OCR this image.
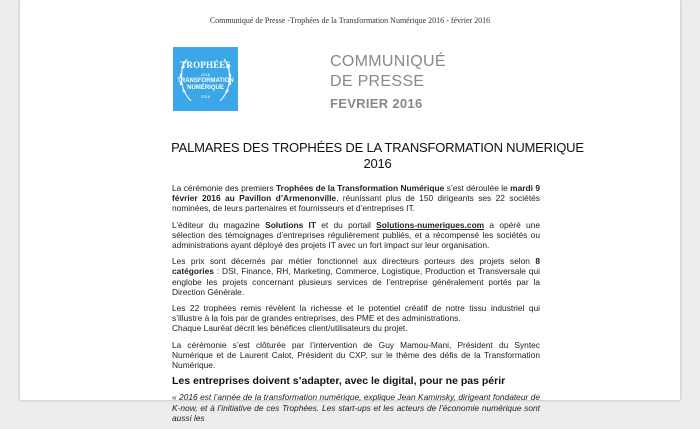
Communiqué de Presse -Trophées de la Transformation Numérique 2016 - février 2016
TROPHÉES
2016
TRANSFORMATION
NUMÉRIQUE
2016
COMMUNIQUÉ
DE PRESSE
FEVRIER 2016
PALMARES DES TROPHÉES DE LA TRANSFORMATION NUMERIQUE 2016

La cérémonie des premiers Trophées de la Transformation Numérique s’est déroulée le mardi 9 février 2016 au Pavillon d’Armenonville, réunissant plus de 150 dirigeants ses 22 sociétés nominées, de leurs partenaires et fournisseurs et d’entreprises IT.

L’éditeur du magazine Solutions IT et du portail Solutions-numeriques.com a opéré une sélection des témoignages d’entreprises régulièrement publiés, et a récompensé les sociétés ou administrations ayant déployé des projets IT avec un fort impact sur leur organisation.

Les prix sont décernés par métier fonctionnel aux directeurs porteurs des projets selon 8 catégories : DSI, Finance, RH, Marketing, Commerce, Logistique, Production et Transversale qui englobe les projets concernant plusieurs services de l’entreprise généralement portés par la Direction Générale.

Les 22 trophées remis révèlent la richesse et le potentiel créatif de notre tissu industriel qui s’illustre à la fois par de grandes entreprises, des PME et des administrations.
Chaque Lauréat décrit les bénéfices client/utilisateurs du projet.

La cérémonie s’est clôturée par l’intervention de Guy Mamou-Mani, Président du Syntec Numérique et de Laurent Calot, Président du CXP, sur le thème des défis de la Transformation Numérique.

Les entreprises doivent s’adapter, avec le digital, pour ne pas périr

« 2016 est l’année de la transformation numérique, explique Jean Kaminsky, dirigeant fondateur de K-now, et à l’initiative de ces Trophées. Les start-ups et les acteurs de l’économie numérique sont aussi les
